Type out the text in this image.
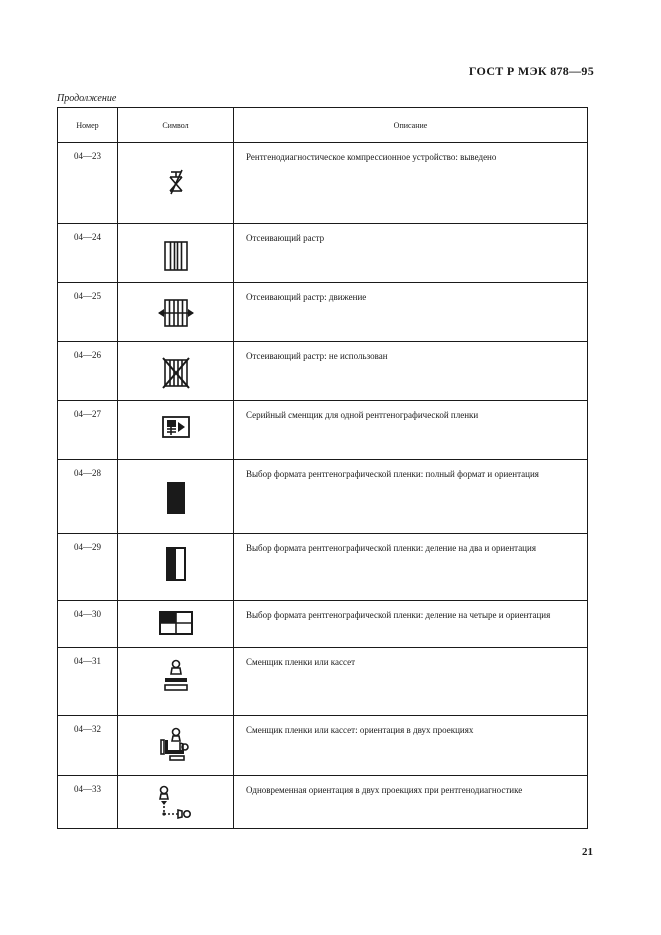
ГОСТ Р МЭК 878—95
Продолжение
Номер	Символ	Описание
04—23		Рентгенодиагностическое компрессионное устройство: выведено
04—24		Отсеивающий растр
04—25		Отсеивающий растр: движение
04—26		Отсеивающий растр: не использован
04—27		Серийный сменщик для одной рентгенографической пленки
04—28		Выбор формата рентгенографической пленки: полный формат и ориентация
04—29		Выбор формата рентгенографической пленки: деление на два и ориентация
04—30		Выбор формата рентгенографической пленки: деление на четыре и ориентация
04—31		Сменщик пленки или кассет
04—32		Сменщик пленки или кассет: ориентация в двух проекциях
04—33		Одновременная ориентация в двух проекциях при рентгенодиагностике
21
